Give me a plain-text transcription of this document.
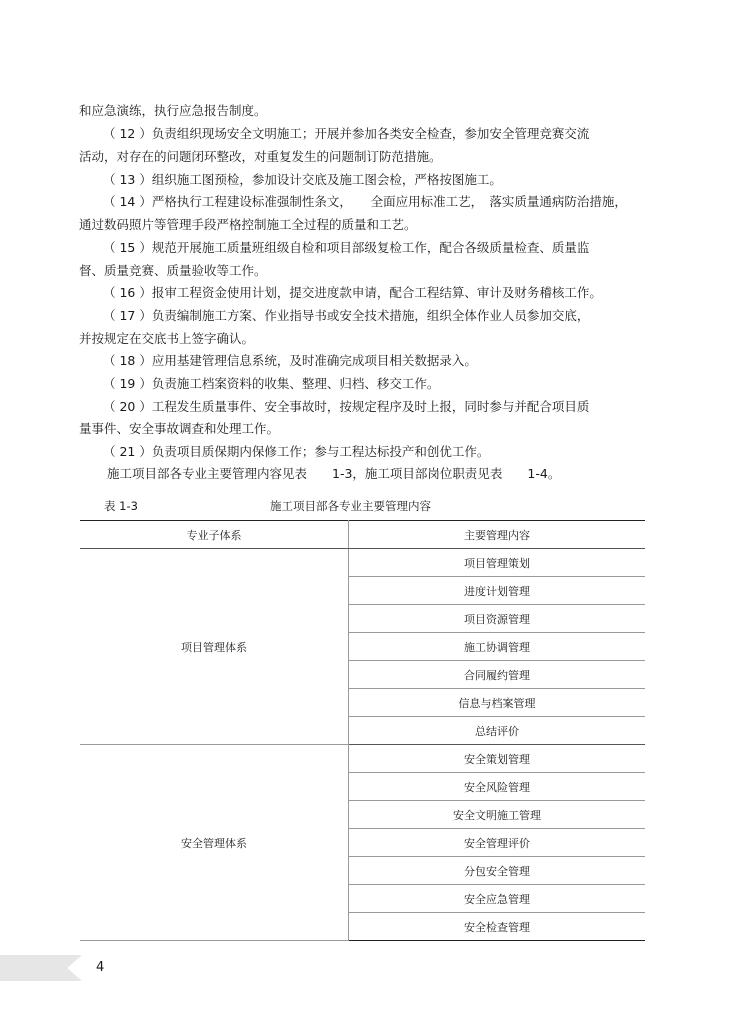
和应急演练，执行应急报告制度。
（ 12 ）负责组织现场安全文明施工；开展并参加各类安全检查，参加安全管理竞赛交流
活动，对存在的问题闭环整改，对重复发生的问题制订防范措施。
（ 13 ）组织施工图预检，参加设计交底及施工图会检，严格按图施工。
（ 14 ）严格执行工程建设标准强制性条文，　　全面应用标准工艺，　落实质量通病防治措施，
通过数码照片等管理手段严格控制施工全过程的质量和工艺。
（ 15 ）规范开展施工质量班组级自检和项目部级复检工作，配合各级质量检查、质量监
督、质量竞赛、质量验收等工作。
（ 16 ）报审工程资金使用计划，提交进度款申请，配合工程结算、审计及财务稽核工作。
（ 17 ）负责编制施工方案、作业指导书或安全技术措施，组织全体作业人员参加交底，
并按规定在交底书上签字确认。
（ 18 ）应用基建管理信息系统，及时准确完成项目相关数据录入。
（ 19 ）负责施工档案资料的收集、整理、归档、移交工作。
（ 20 ）工程发生质量事件、安全事故时，按规定程序及时上报，同时参与并配合项目质
量事件、安全事故调查和处理工作。
（ 21 ）负责项目质保期内保修工作；参与工程达标投产和创优工作。
施工项目部各专业主要管理内容见表　　1-3，施工项目部岗位职责见表　　1-4。
表 1-3	施工项目部各专业主要管理内容
专业子体系	主要管理内容
项目管理体系	项目管理策划
	进度计划管理
	项目资源管理
	施工协调管理
	合同履约管理
	信息与档案管理
	总结评价
安全管理体系	安全策划管理
	安全风险管理
	安全文明施工管理
	安全管理评价
	分包安全管理
	安全应急管理
	安全检查管理
4
